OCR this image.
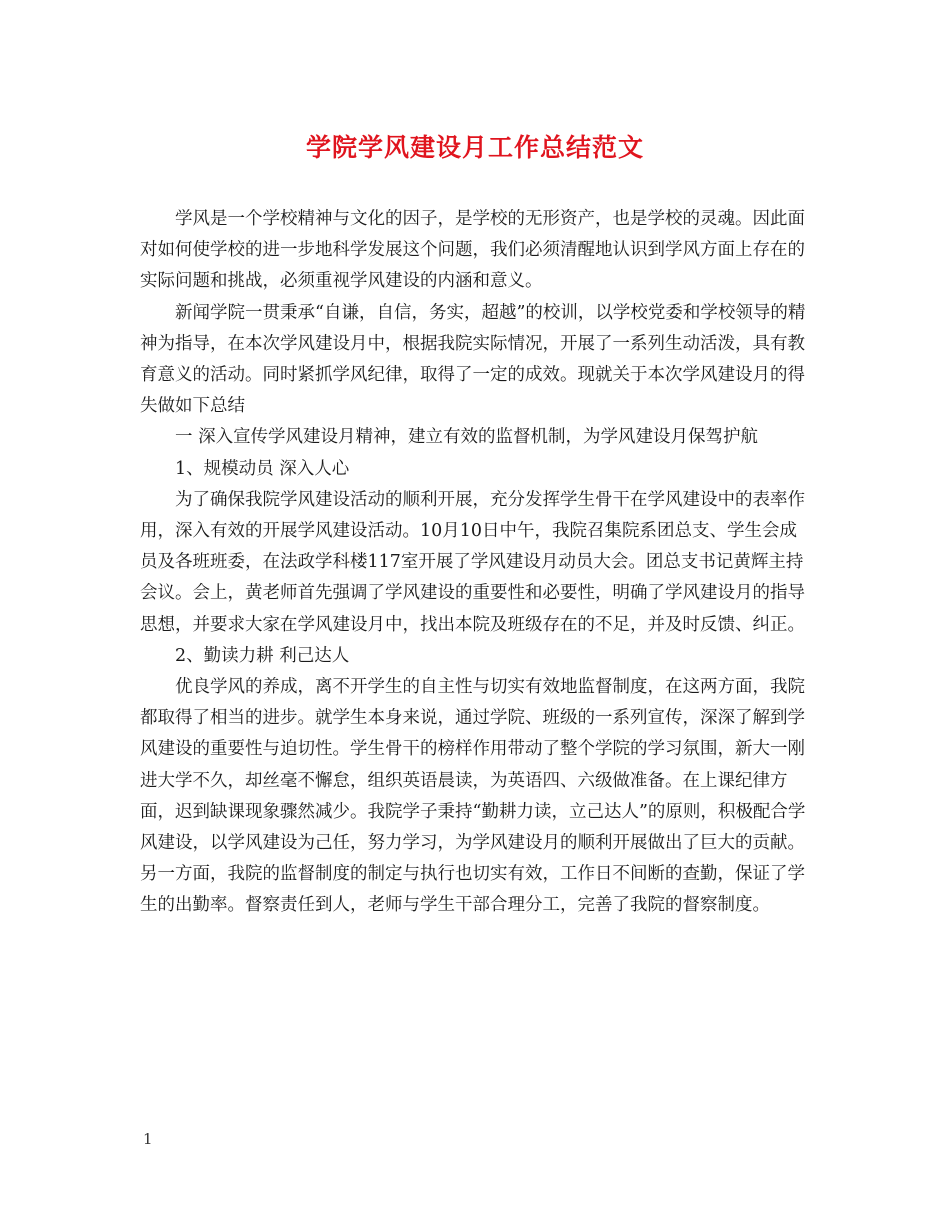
学院学风建设月工作总结范文

学风是一个学校精神与文化的因子，是学校的无形资产，也是学校的灵魂。因此面对如何使学校的进一步地科学发展这个问题，我们必须清醒地认识到学风方面上存在的实际问题和挑战，必须重视学风建设的内涵和意义。

新闻学院一贯秉承“自谦，自信，务实，超越”的校训，以学校党委和学校领导的精神为指导，在本次学风建设月中，根据我院实际情况，开展了一系列生动活泼，具有教育意义的活动。同时紧抓学风纪律，取得了一定的成效。现就关于本次学风建设月的得失做如下总结

一 深入宣传学风建设月精神，建立有效的监督机制，为学风建设月保驾护航

1、规模动员 深入人心

为了确保我院学风建设活动的顺利开展，充分发挥学生骨干在学风建设中的表率作用，深入有效的开展学风建设活动。10月10日中午，我院召集院系团总支、学生会成员及各班班委，在法政学科楼117室开展了学风建设月动员大会。团总支书记黄辉主持会议。会上，黄老师首先强调了学风建设的重要性和必要性，明确了学风建设月的指导思想，并要求大家在学风建设月中，找出本院及班级存在的不足，并及时反馈、纠正。

2、勤读力耕 利己达人

优良学风的养成，离不开学生的自主性与切实有效地监督制度，在这两方面，我院都取得了相当的进步。就学生本身来说，通过学院、班级的一系列宣传，深深了解到学风建设的重要性与迫切性。学生骨干的榜样作用带动了整个学院的学习氛围，新大一刚进大学不久，却丝毫不懈怠，组织英语晨读，为英语四、六级做准备。在上课纪律方面，迟到缺课现象骤然减少。我院学子秉持“勤耕力读，立己达人”的原则，积极配合学风建设，以学风建设为己任，努力学习，为学风建设月的顺利开展做出了巨大的贡献。另一方面，我院的监督制度的制定与执行也切实有效，工作日不间断的查勤，保证了学生的出勤率。督察责任到人，老师与学生干部合理分工，完善了我院的督察制度。

1
